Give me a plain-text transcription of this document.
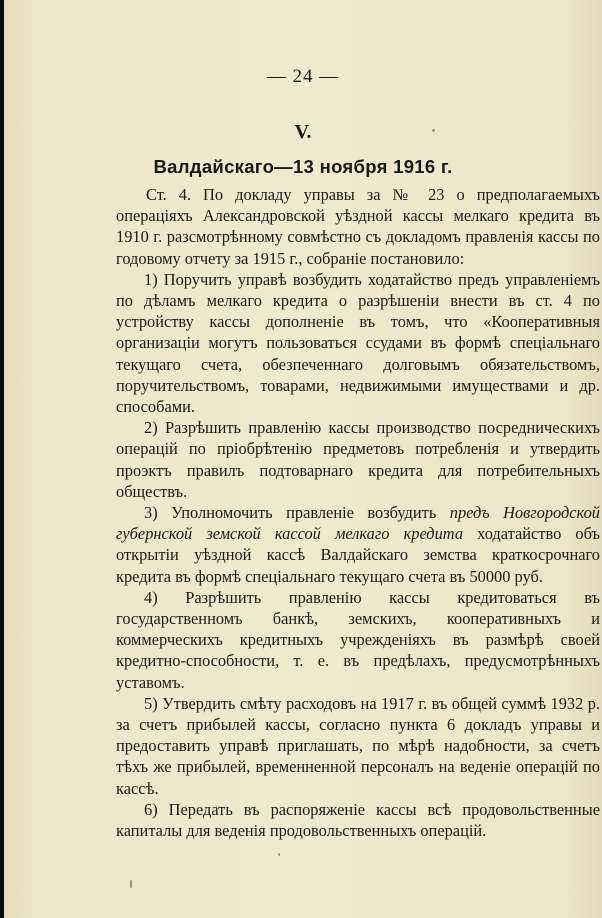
— 24 —
V.
Валдайскаго—13 ноября 1916 г.

Ст. 4. По докладу управы за № 23 о предполагаемыхъ операціяхъ Александровской уѣздной кассы мелкаго кредита въ 1910 г. разсмотрѣнному совмѣстно съ докладомъ правленія кассы по годовому отчету за 1915 г., собраніе постановило:

1) Поручить управѣ возбудить ходатайство предъ управленіемъ по дѣламъ мелкаго кредита о разрѣшеніи внести въ ст. 4 по устройству кассы дополненіе въ томъ, что «Кооперативныя организаціи могутъ пользоваться ссудами въ формѣ спеціальнаго текущаго счета, обезпеченнаго долговымъ обязательствомъ, поручительствомъ, товарами, недвижимыми имуществами и др. способами.

2) Разрѣшить правленію кассы производство посредническихъ операцій по пріобрѣтенію предметовъ потребленія и утвердить проэктъ правилъ подтоварнаго кредита для потребительныхъ обществъ.

3) Уполномочить правленіе возбудить предъ Новгородской губернской земской кассой мелкаго кредита ходатайство объ открытіи уѣздной кассѣ Валдайскаго земства краткосрочнаго кредита въ формѣ спеціальнаго текущаго счета въ 50000 руб.

4) Разрѣшить правленію кассы кредитоваться въ государственномъ банкѣ, земскихъ, кооперативныхъ и коммерческихъ кредитныхъ учрежденіяхъ въ размѣрѣ своей кредитно-способности, т. е. въ предѣлахъ, предусмотрѣнныхъ уставомъ.

5) Утвердить смѣту расходовъ на 1917 г. въ общей суммѣ 1932 р. за счетъ прибылей кассы, согласно пункта 6 докладъ управы и предоставить управѣ приглашать, по мѣрѣ надобности, за счетъ тѣхъ же прибылей, временненной персоналъ на веденіе операцій по кассѣ.

6) Передать въ распоряженіе кассы всѣ продовольственные капиталы для веденія продовольственныхъ операцій.
